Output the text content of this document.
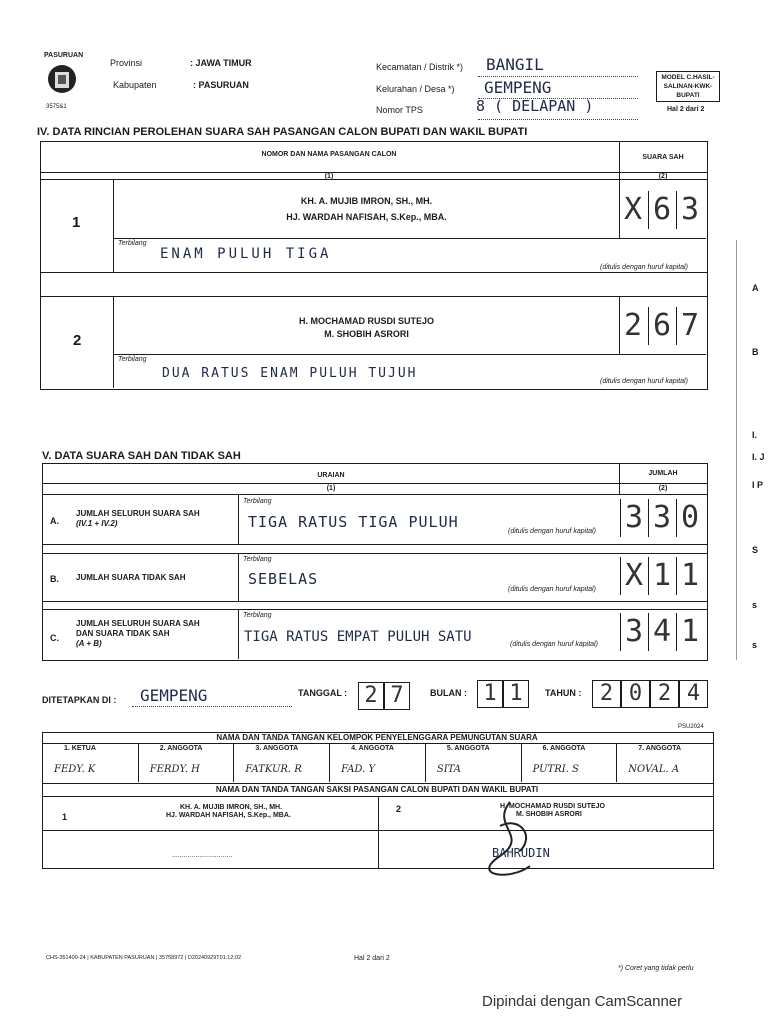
PASURUAN
3575&1
Provinsi	: JAWA TIMUR
Kabupaten	: PASURUAN
Kecamatan / Distrik *) BANGIL
Kelurahan / Desa *) GEMPENG
Nomor TPS	8 ( DELAPAN )
MODEL C.HASIL-SALINAN-KWK-BUPATI
Hal 2 dari 2
IV. DATA RINCIAN PEROLEHAN SUARA SAH PASANGAN CALON BUPATI DAN WAKIL BUPATI
NOMOR DAN NAMA PASANGAN CALON	SUARA SAH
(1)	(2)
1
KH. A. MUJIB IMRON, SH., MH.
HJ. WARDAH NAFISAH, S.Kep., MBA.	X 6 3
Terbilang
ENAM PULUH TIGA
(ditulis dengan huruf kapital)
2
H. MOCHAMAD RUSDI SUTEJO
M. SHOBIH ASRORI	2 6 7
Terbilang
DUA RATUS ENAM PULUH TUJUH
(ditulis dengan huruf kapital)
V. DATA SUARA SAH DAN TIDAK SAH
URAIAN	JUMLAH
(1)	(2)
A.
JUMLAH SELURUH SUARA SAH
(IV.1 + IV.2)
Terbilang
TIGA RATUS TIGA PULUH
(ditulis dengan huruf kapital) 3 3 0
B. JUMLAH SUARA TIDAK SAH
Terbilang
SEBELAS
(ditulis dengan huruf kapital) X 1 1
C.
JUMLAH SELURUH SUARA SAH
DAN SUARA TIDAK SAH
(A + B)
Terbilang
TIGA RATUS EMPAT PULUH SATU	(ditulis dengan huruf kapital) 3 4 1
DITETAPKAN DI : GEMPENG	TANGGAL : 2 7	BULAN : 1 1	TAHUN : 2 0 2 4
PSU2024
NAMA DAN TANDA TANGAN KELOMPOK PENYELENGGARA PEMUNGUTAN SUARA
1. KETUA
FEDY. K
2. ANGGOTA
FERDY. H
3. ANGGOTA
FATKUR. R
4. ANGGOTA
FAD. Y
5. ANGGOTA
SITA
6. ANGGOTA
PUTRI. S
7. ANGGOTA
NOVAL. A
NAMA DAN TANDA TANGAN SAKSI PASANGAN CALON BUPATI DAN WAKIL BUPATI
1
KH. A. MUJIB IMRON, SH., MH.
HJ. WARDAH NAFISAH, S.Kep., MBA.
...............................
2	H. MOCHAMAD RUSDI SUTEJO
M. SHOBIH ASRORI
BAHRUDIN
CHS-351400-24 | KABUPATEN PASURUAN | 35758972 | D20240929T01:12:02	Hal 2 dari 2
*) Coret yang tidak perlu
Dipindai dengan CamScanner
A
B
I.
I. J
I P
S
s
s
